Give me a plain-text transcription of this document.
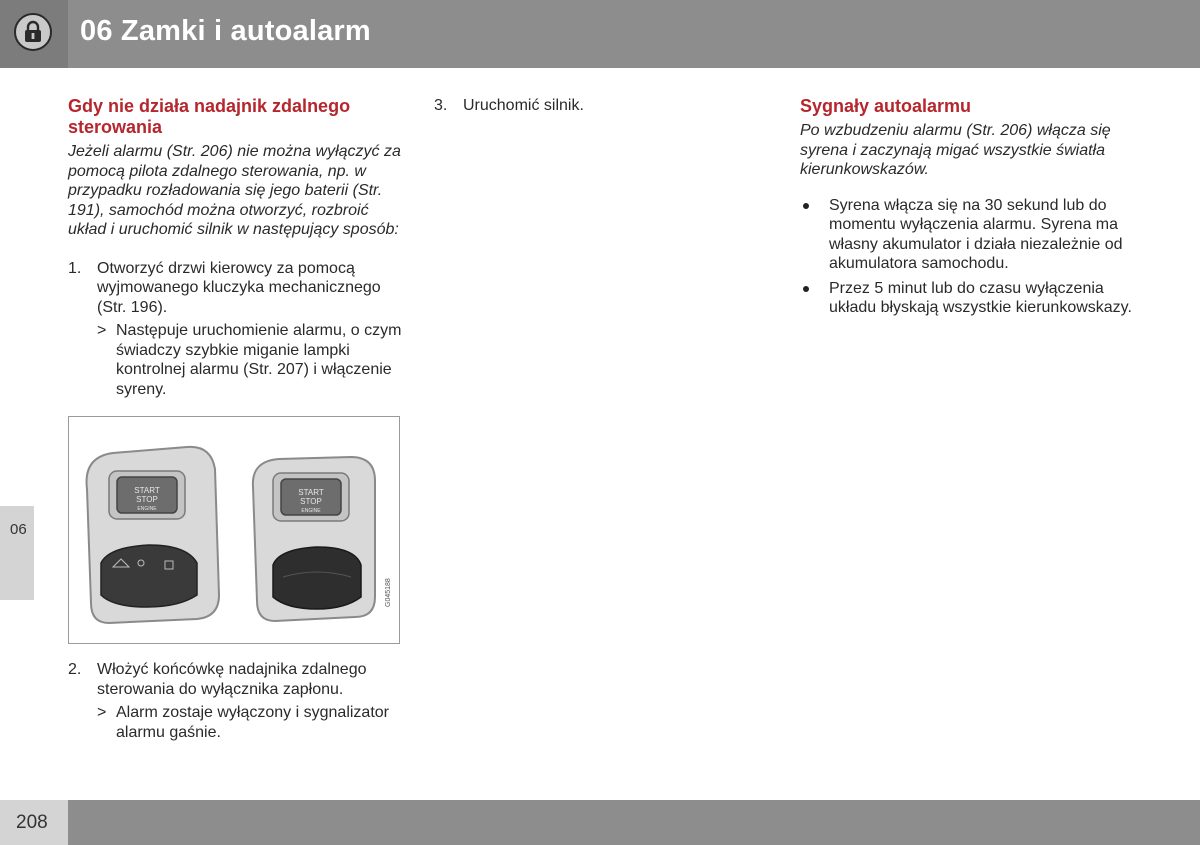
06 Zamki i autoalarm
06
208
Gdy nie działa nadajnik zdalnego sterowania

Jeżeli alarmu (Str. 206) nie można wyłączyć za pomocą pilota zdalnego sterowania, np. w przypadku rozładowania się jego baterii (Str. 191), samochód można otworzyć, rozbroić układ i uruchomić silnik w następujący sposób:

1. Otworzyć drzwi kierowcy za pomocą wyjmowanego kluczyka mechanicznego (Str. 196).
> Następuje uruchomienie alarmu, o czym świadczy szybkie miganie lampki kontrolnej alarmu (Str. 207) i włączenie syreny.
START
STOP
ENGINE
START
STOP
ENGINE
G045188
2. Włożyć końcówkę nadajnika zdalnego sterowania do wyłącznika zapłonu.
> Alarm zostaje wyłączony i sygnalizator alarmu gaśnie.
3. Uruchomić silnik.	Sygnały autoalarmu

Po wzbudzeniu alarmu (Str. 206) włącza się syrena i zaczynają migać wszystkie światła kierunkowskazów.

Syrena włącza się na 30 sekund lub do momentu wyłączenia alarmu. Syrena ma własny akumulator i działa niezależnie od akumulatora samochodu.
Przez 5 minut lub do czasu wyłączenia układu błyskają wszystkie kierunkowskazy.
